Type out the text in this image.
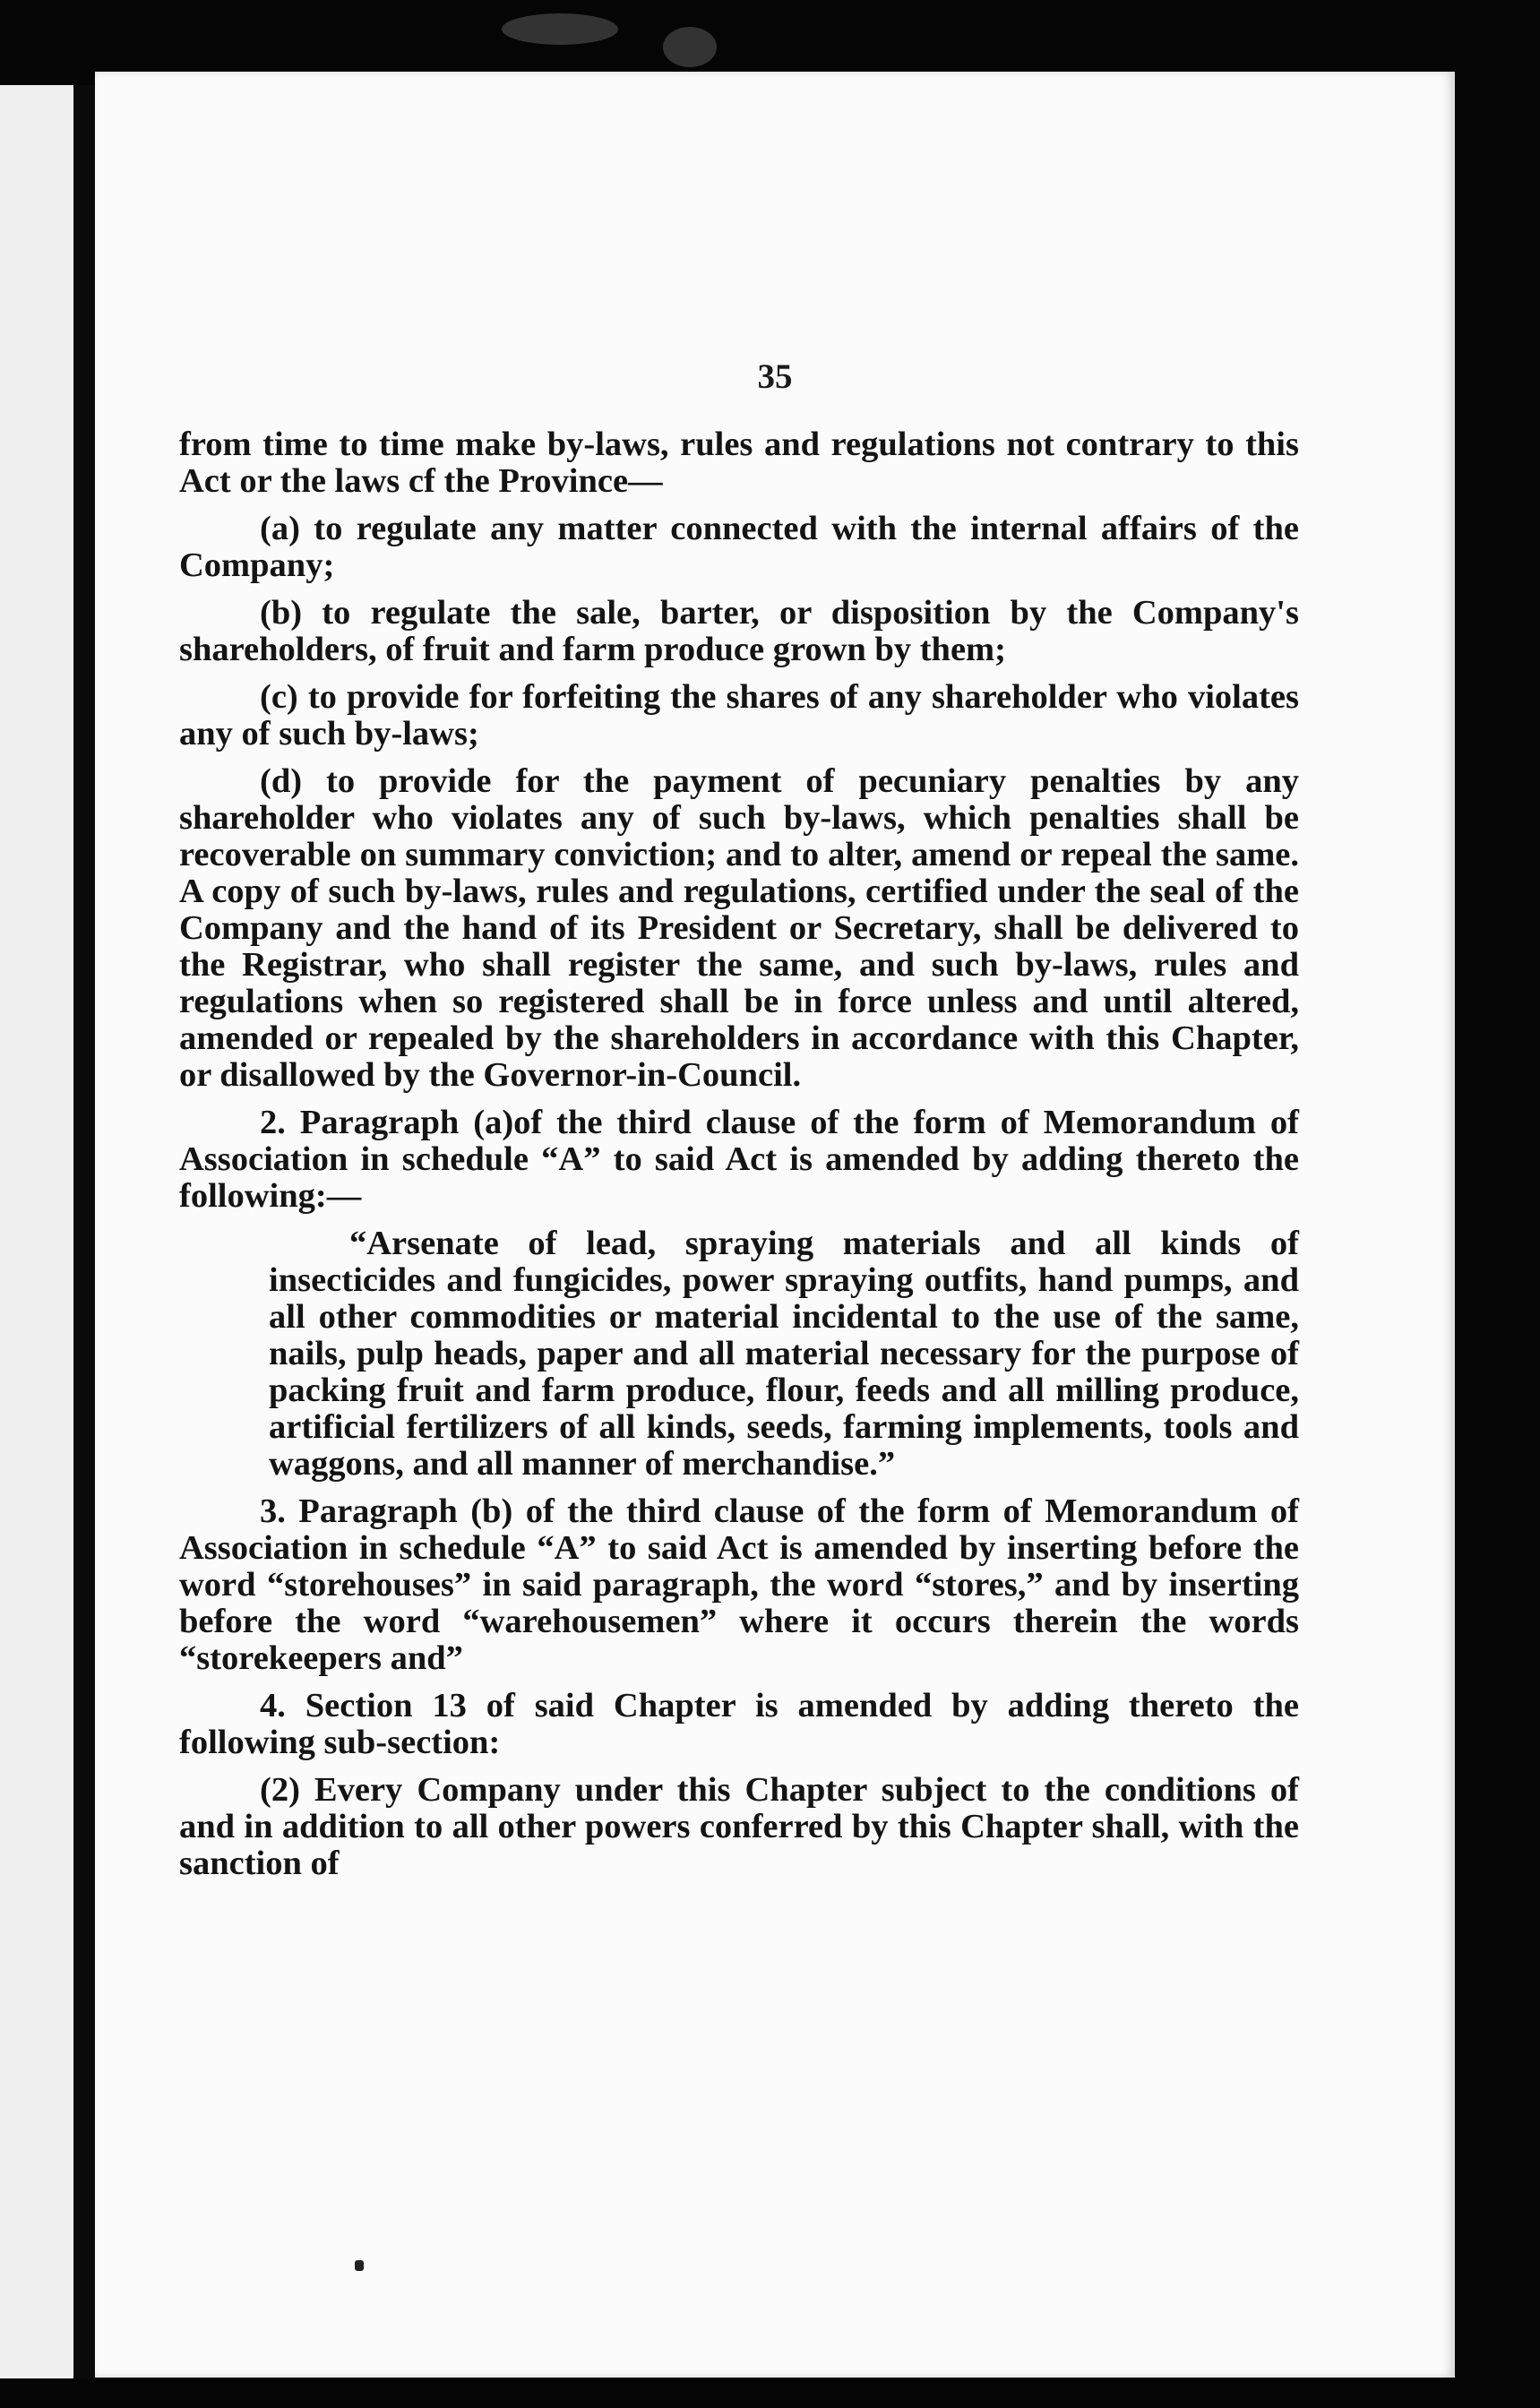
35

from time to time make by-laws, rules and regulations not contrary to this Act or the laws cf the Province—

(a) to regulate any matter connected with the internal affairs of the Company;

(b) to regulate the sale, barter, or disposition by the Company's shareholders, of fruit and farm produce grown by them;

(c) to provide for forfeiting the shares of any shareholder who violates any of such by-laws;

(d) to provide for the payment of pecuniary penalties by any shareholder who violates any of such by-laws, which penalties shall be recoverable on summary conviction; and to alter, amend or repeal the same. A copy of such by-laws, rules and regulations, certified under the seal of the Company and the hand of its President or Secretary, shall be delivered to the Registrar, who shall register the same, and such by-laws, rules and regulations when so registered shall be in force unless and until altered, amended or repealed by the shareholders in accordance with this Chapter, or disallowed by the Governor-in-Council.

2. Paragraph (a)of the third clause of the form of Memorandum of Association in schedule “A” to said Act is amended by adding thereto the following:—

“Arsenate of lead, spraying materials and all kinds of insecticides and fungicides, power spraying outfits, hand pumps, and all other commodities or material incidental to the use of the same, nails, pulp heads, paper and all material necessary for the purpose of packing fruit and farm produce, flour, feeds and all milling produce, artificial fertilizers of all kinds, seeds, farming implements, tools and waggons, and all manner of merchandise.”

3. Paragraph (b) of the third clause of the form of Memorandum of Association in schedule “A” to said Act is amended by inserting before the word “storehouses” in said paragraph, the word “stores,” and by inserting before the word “warehousemen” where it occurs therein the words “storekeepers and”

4. Section 13 of said Chapter is amended by adding thereto the following sub-section:

(2) Every Company under this Chapter subject to the conditions of and in addition to all other powers conferred by this Chapter shall, with the sanction of
